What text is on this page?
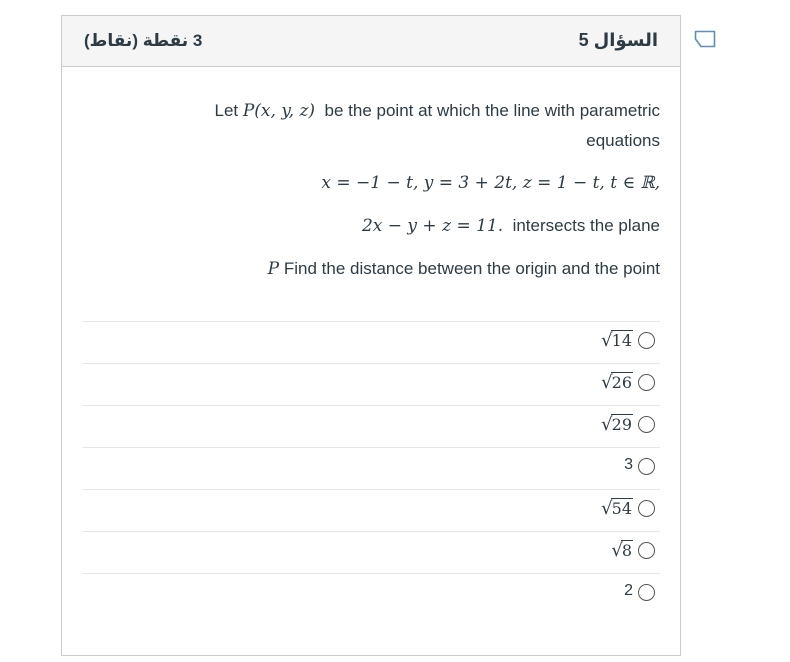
السؤال 5
3 نقطة (نقاط)

Let P(x, y, z) be the point at which the line with parametric equations

x = −1 − t, y = 3 + 2t, z = 1 − t, t ∈ ℝ,

2x − y + z = 11. intersects the plane

P Find the distance between the origin and the point

√14
√26
√29
3
√54
√8
2
